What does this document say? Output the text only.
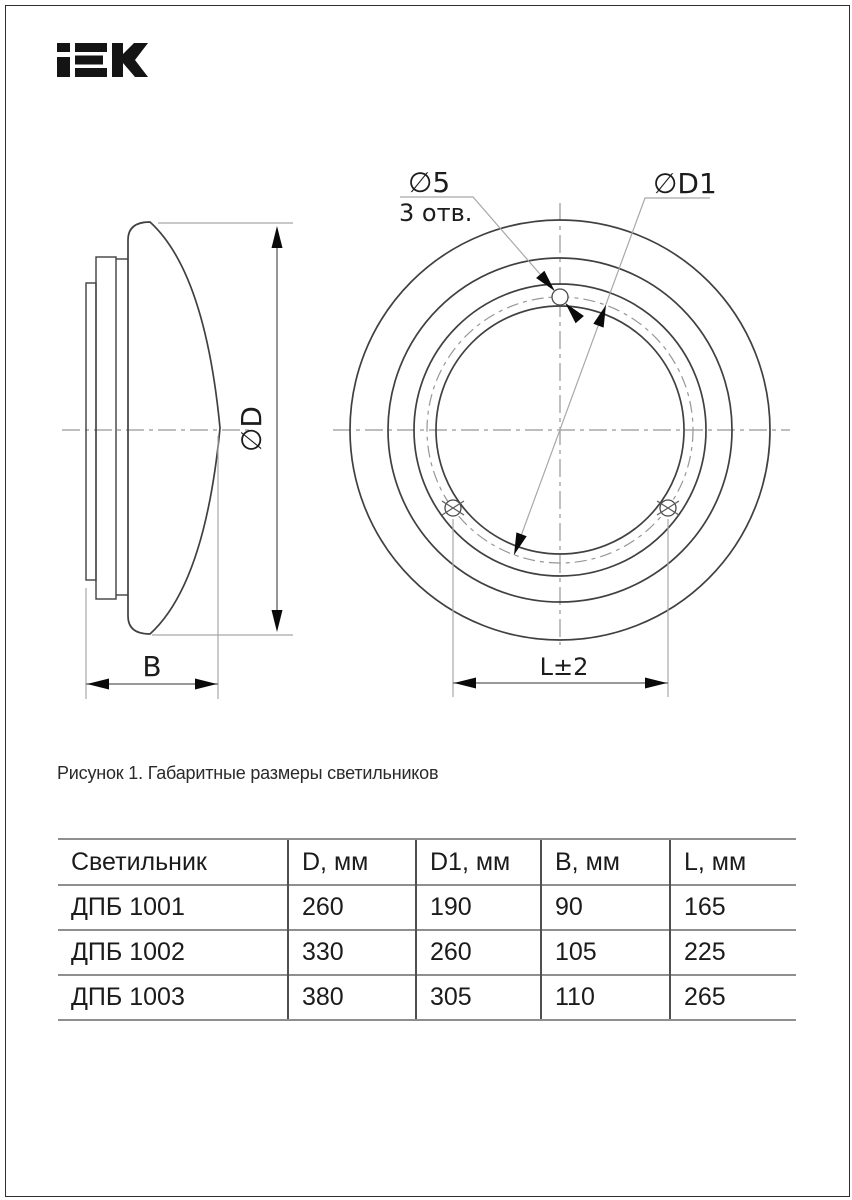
∅D
B
∅5
3 отв.
∅D1
L±2
Рисунок 1. Габаритные размеры светильников
Светильник	D, мм	D1, мм	B, мм	L, мм
ДПБ 1001	260	190	90	165
ДПБ 1002	330	260	105	225
ДПБ 1003	380	305	110	265
